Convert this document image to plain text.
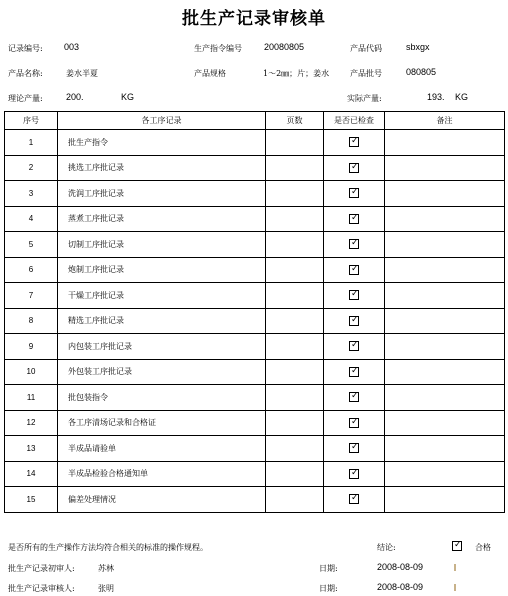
批生产记录审核单
记录编号: 003	生产指令编号 20080805	产品代码	sbxgx
产品名称:	姜水半夏	产品规格	1～2㎜；片；姜水	产品批号	080805
理论产量:	200.	KG	实际产量:	193. KG
序号	各工序记录	页数	是否已检查	备注
1	批生产指令		✓	

2	挑选工序批记录		✓	

3	洗润工序批记录		✓	

4	蒸煮工序批记录		✓	

5	切制工序批记录		✓	

6	炮制工序批记录		✓	

7	干燥工序批记录		✓	

8	精选工序批记录		✓	

9	内包装工序批记录		✓	

10	外包装工序批记录		✓	

11	批包装指令		✓	

12	各工序清场记录和合格证		✓	

13	半成品请验单		✓	

14	半成品检验合格通知单		✓	

15	偏差处理情况		✓	

是否所有的生产操作方法均符合相关的标准的操作规程。	结论:	✓ 合格
批生产记录初审人:	苏林	日期:	2008-08-09
批生产记录审核人:	张明	日期:	2008-08-09
